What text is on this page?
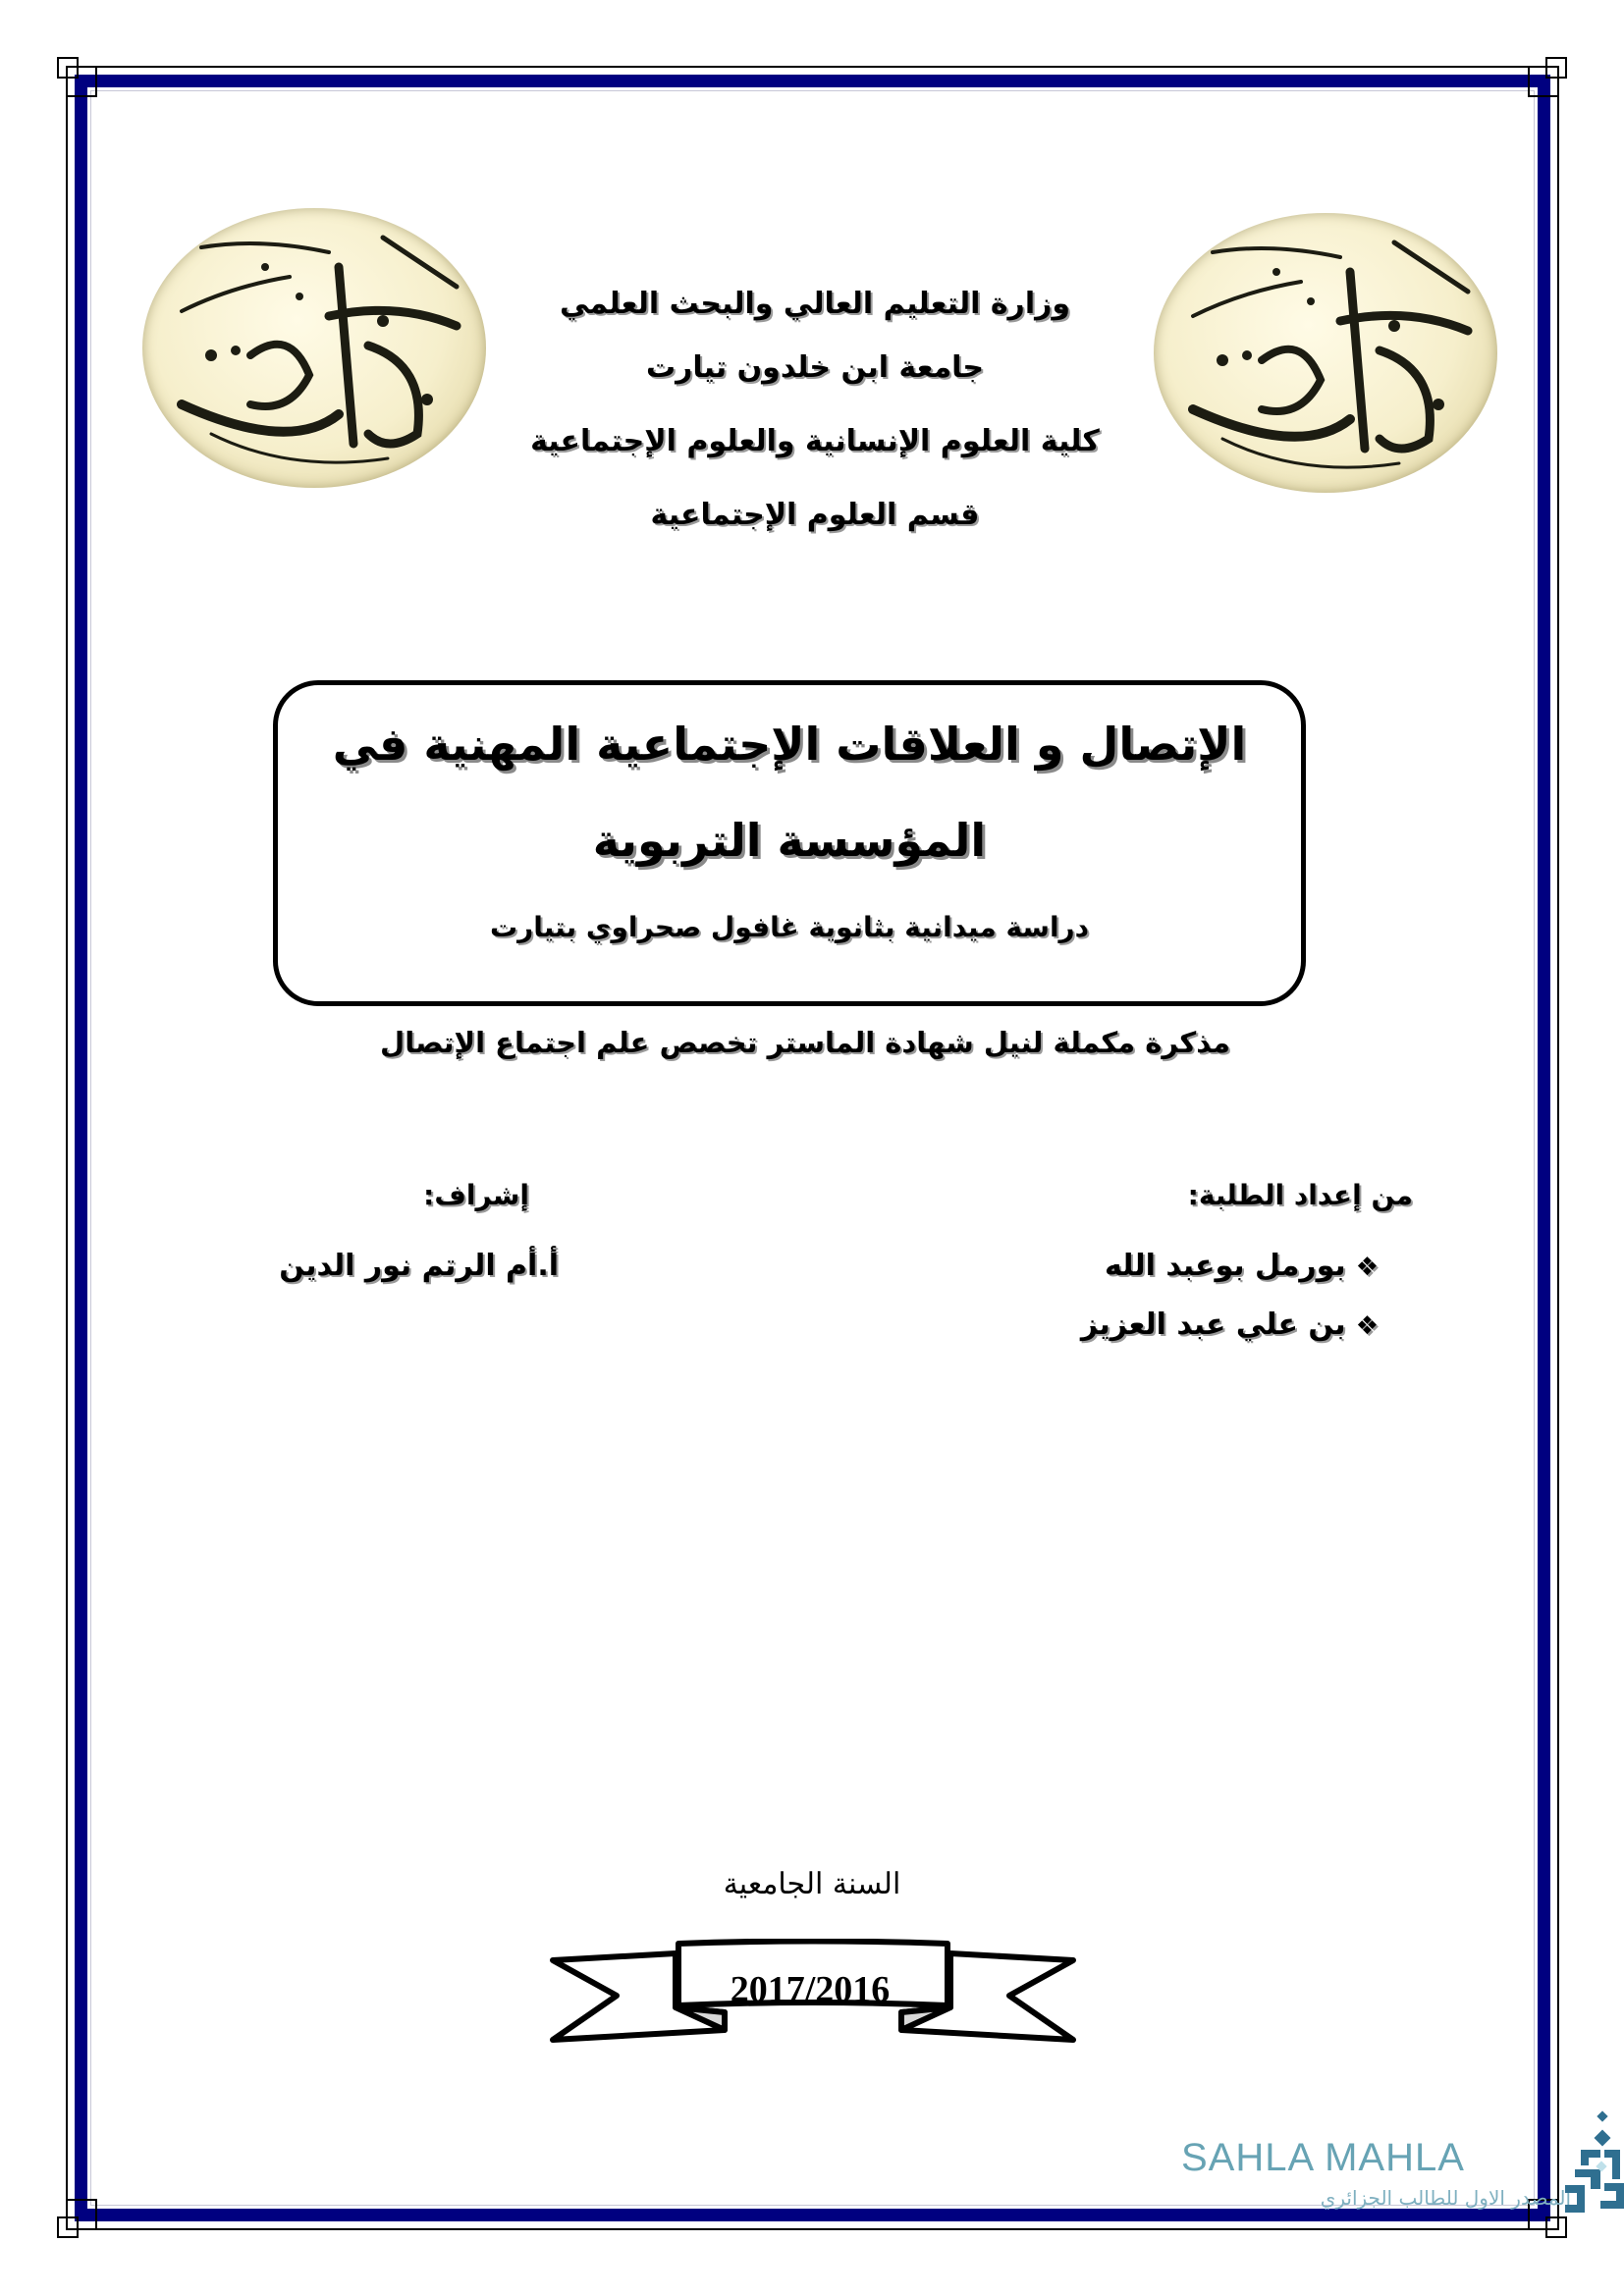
وزارة التعليم العالي والبحث العلمي
جامعة ابن خلدون تيارت
كلية العلوم الإنسانية والعلوم الإجتماعية
قسم العلوم الإجتماعية
الإتصال و العلاقات الإجتماعية المهنية في
المؤسسة التربوية
دراسة ميدانية بثانوية غافول صحراوي بتيارت
مذكرة مكملة لنيل شهادة الماستر تخصص علم اجتماع الإتصال
من إعداد الطلبة:
إشراف:
❖بورمل بوعبد الله
❖بن علي عبد العزيز
أ.أم الرتم نور الدين
السنة الجامعية
2017/2016
SAHLA MAHLA
المصدر الاول للطالب الجزائري
